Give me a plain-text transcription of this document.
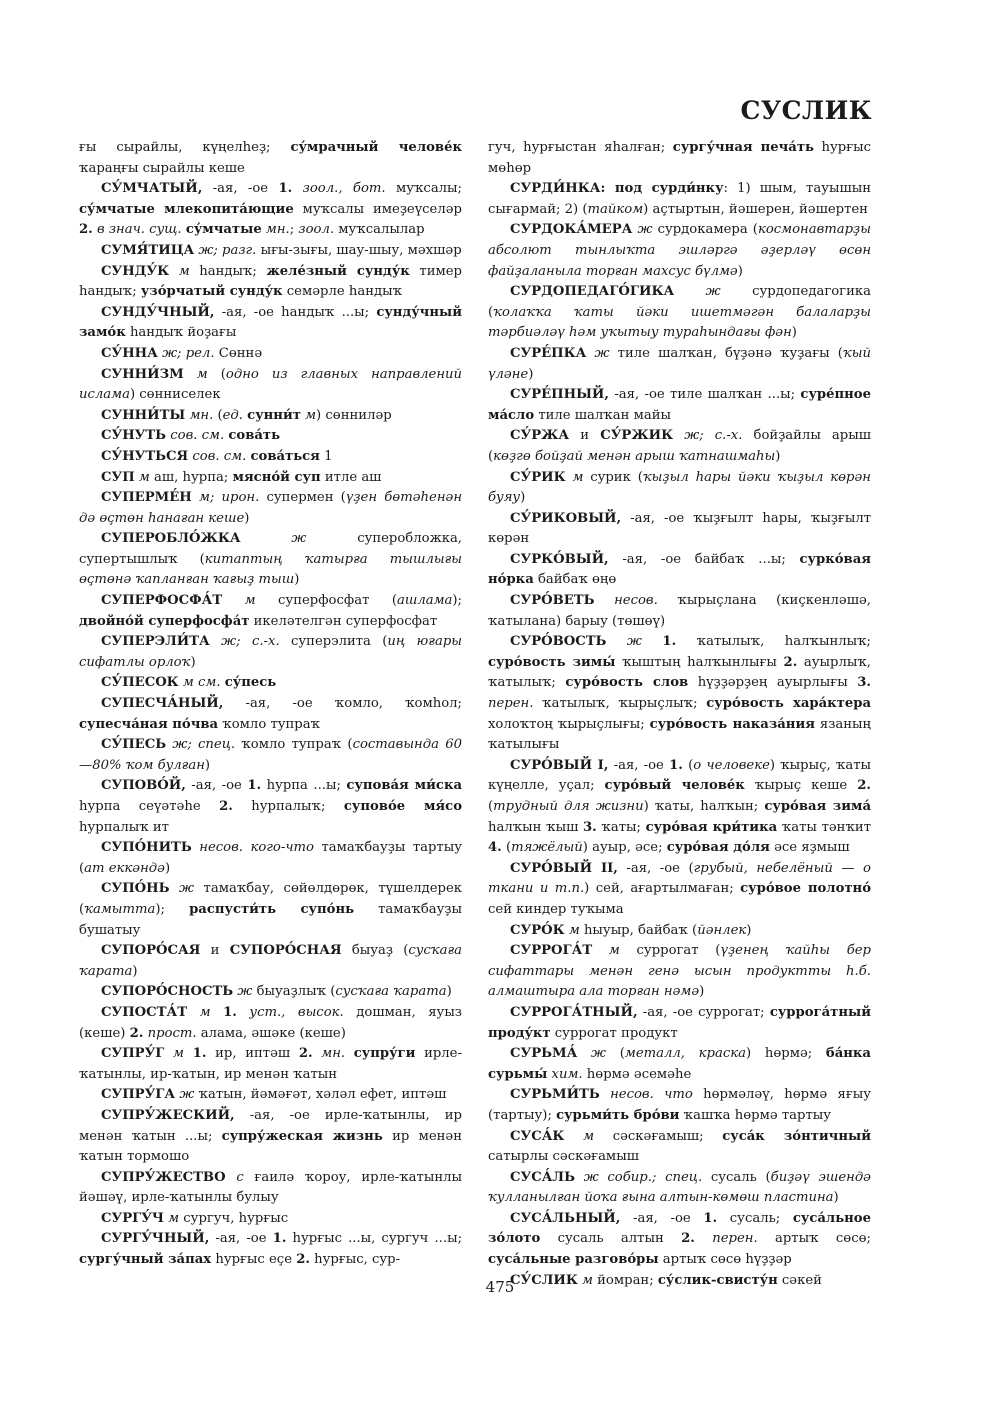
СУСЛИК

ғы сырайлы, күңелһеҙ; су́мрачный челове́к ҡараңғы сырайлы кеше

СУ́МЧАТЫЙ, -ая, -ое 1. зоол., бот. муҡсалы; су́мчатые млекопита́ющие муҡсалы имеҙеүселәр 2. в знач. сущ. су́мчатые мн.; зоол. муҡсалылар

СУМЯ́ТИЦА ж; разг. ығы-зығы, шау-шыу, мәхшәр

СУНДУ́К м һандыҡ; желе́зный сунду́к тимер һандыҡ; узо́рчатый сунду́к семәрле һандыҡ

СУНДУ́ЧНЫЙ, -ая, -ое һандыҡ ...ы; сунду́чный замо́к һандыҡ йоҙағы

СУ́ННА ж; рел. Сөннә

СУННИ́ЗМ м (одно из главных направлений ислама) сөнниселек

СУННИ́ТЫ мн. (ед. сунни́т м) сөнниләр

СУ́НУТЬ сов. см. сова́ть

СУ́НУТЬСЯ сов. см. сова́ться 1

СУП м аш, һурпа; мясно́й суп итле аш

СУПЕРМЕ́Н м; ирон. супермен (үҙен бөтәһенән дә өҫтөн һанаған кеше)

СУПЕРОБЛО́ЖКА	ж суперобложка, супертышлыҡ (китаптың ҡатырға тышлығы өҫтөнә ҡапланған ҡағыҙ тыш)

СУПЕРФОСФА́Т м суперфосфат (ашлама); двойно́й суперфосфа́т икеләтелгән суперфосфат

СУПЕРЭЛИ́ТА ж; с.-х. суперэлита (иң юғары сифатлы орлоҡ)

СУ́ПЕСОК м см. су́песь

СУПЕСЧА́НЫЙ, -ая, -ое ҡомло, ҡомһол; супесча́ная по́чва ҡомло тупраҡ

СУ́ПЕСЬ ж; спец. ҡомло тупраҡ (составында 60—80% ҡом булған)

СУПОВО́Й, -ая, -ое 1. һурпа ...ы; супова́я ми́ска һурпа сеүәтәһе 2. һурпалыҡ; супово́е мя́со һурпалыҡ ит

СУПО́НИТЬ несов. кого-что тамаҡбауҙы тартыу (ат еккәндә)

СУПО́НЬ ж тамаҡбау, сөйөлдөрөк, түшелдерек (ҡамытта); распусти́ть супо́нь тамаҡбауҙы бушатыу

СУПОРО́САЯ и СУПОРО́СНАЯ быуаҙ (сусҡаға ҡарата)

СУПОРО́СНОСТЬ ж быуаҙлыҡ (сусҡаға ҡарата)

СУПОСТА́Т м 1. уст., высок. дошман, яуыз (кеше) 2. прост. алама, әшәке (кеше)

СУПРУ́Г м 1. ир, иптәш 2. мн. супру́ги ирле-ҡатынлы, ир-ҡатын, ир менән ҡатын

СУПРУ́ГА ж ҡатын, йәмәғәт, хәләл ефет, иптәш

СУПРУ́ЖЕСКИЙ, -ая, -ое ирле-ҡатынлы, ир менән ҡатын ...ы; супру́жеская жизнь ир менән ҡатын тормошо

СУПРУ́ЖЕСТВО с ғаилә ҡороу, ирле-ҡатынлы йәшәү, ирле-ҡатынлы булыу

СУРГУ́Ч м сургуч, һурғыс

СУРГУ́ЧНЫЙ, -ая, -ое 1. һурғыс ...ы, сургуч ...ы; сургу́чный за́пах һурғыс еҫе 2. һурғыс, сур-

гуч, һурғыстан яһалған; сургу́чная печа́ть һурғыс мөһөр

СУРДИ́НКА: под сурди́нку: 1) шым, тауышын сығармай; 2) (тайком) аҫтыртын, йәшерен, йәшертен

СУРДОКА́МЕРА ж сурдокамера (космонавтарҙы абсолют тынлыҡта эшләргә әҙерләү өсөн файҙаланыла торған махсус бүлмә)

СУРДОПЕДАГО́ГИКА ж сурдопедагогика (ҡолаҡҡа ҡаты йәки ишетмәгән балаларҙы тәрбиәләү һәм уҡытыу тураһындағы фән)

СУРЕ́ПКА ж тиле шалҡан, бүҙәнә ҡуҙағы (ҡый үләне)

СУРЕ́ПНЫЙ, -ая, -ое тиле шалҡан ...ы; суре́пное ма́сло тиле шалҡан майы

СУ́РЖА и СУ́РЖИК ж; с.-х. бойҙайлы арыш (көҙгө бойҙай менән арыш ҡатнашмаһы)

СУ́РИК м сурик (ҡыҙыл һары йәки ҡыҙыл көрән буяу)

СУ́РИКОВЫЙ, -ая, -ое ҡыҙғылт һары, ҡыҙғылт көрән

СУРКО́ВЫЙ, -ая, -ое байбаҡ ...ы; сурко́вая но́рка байбаҡ өңө

СУРО́ВЕТЬ несов. ҡырыҫлана (киҫкенләшә, ҡатылана) барыу (төшөү)

СУРО́ВОСТЬ ж 1. ҡатылыҡ, һалҡынлыҡ; суро́вость зимы́ ҡыштың һалҡынлығы 2. ауырлыҡ, ҡатылыҡ; суро́вость слов һүҙҙәрҙең ауырлығы 3. перен. ҡатылыҡ, ҡырыҫлыҡ; суро́вость хара́ктера холоҡтоң ҡырыҫлығы; суро́вость наказа́ния язаның ҡатылығы

СУРО́ВЫЙ I, -ая, -ое 1. (о человеке) ҡырыҫ, ҡаты күңелле, уҫал; суро́вый челове́к ҡырыҫ кеше 2. (трудный для жизни) ҡаты, һалҡын; суро́вая зима́ һалҡын ҡыш 3. ҡаты; суро́вая кри́тика ҡаты тәнҡит 4. (тяжёлый) ауыр, әсе; суро́вая до́ля әсе яҙмыш

СУРО́ВЫЙ II, -ая, -ое (грубый, небелёный — о ткани и т.п.) сей, ағартылмаған; суро́вое полотно́ сей киндер туҡыма

СУРО́К м һыуыр, байбаҡ (йәнлек)

СУРРОГА́Т м суррогат (үҙенең ҡайһы бер сифаттары менән генә ысын продуктты һ.б. алмаштыра ала торған нәмә)

СУРРОГА́ТНЫЙ, -ая, -ое суррогат; суррога́тный проду́кт суррогат продукт

СУРЬМА́ ж (металл, краска) һөрмә; ба́нка сурьмы́ хим. һөрмә әсемәһе

СУРЬМИ́ТЬ несов. что һөрмәләү, һөрмә яғыу (тартыу); сурьми́ть бро́ви ҡашҡа һөрмә тартыу

СУСА́К м сәскәғамыш; суса́к зо́нтичный сатырлы сәскәғамыш

СУСА́ЛЬ ж собир.; спец. сусаль (биҙәү эшендә ҡулланылған йоҡа ғына алтын-көмөш пластина)

СУСА́ЛЬНЫЙ, -ая, -ое 1. сусаль; суса́льное зо́лото сусаль алтын 2. перен. артыҡ сөсө; суса́льные разгово́ры артыҡ сөсө һүҙҙәр

СУ́СЛИК м йомран; су́слик-свисту́н сәкей

475
